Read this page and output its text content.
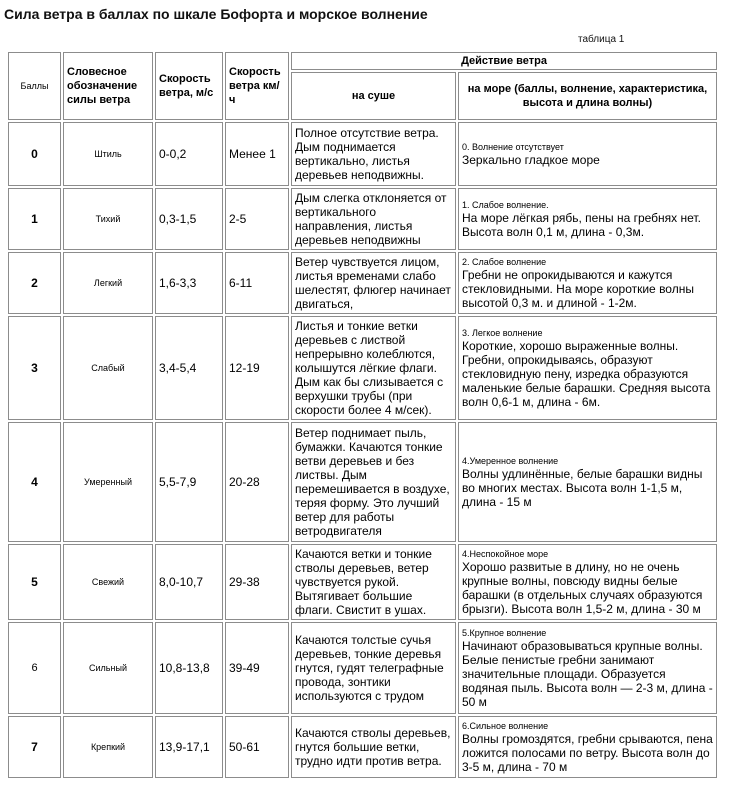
Сила ветра в баллах по шкале Бофорта и морское волнение
таблица 1
Баллы	Словесное обозначение силы ветра	Скорость ветра, м/с	Скорость ветра км/ч	Действие ветра	
				на суше	на море (баллы, волнение, характеристика, высота и длина волны)
0	Штиль	0-0,2	Менее 1	Полное отсутствие ветра. Дым поднимается вертикально, листья деревьев неподвижны.	0. Волнение отсутствует
Зеркально гладкое море

1	Тихий	0,3-1,5	2-5	Дым слегка отклоняется от вертикального направления, листья деревьев неподвижны	1. Слабое волнение.
На море лёгкая рябь, пены на гребнях нет. Высота волн 0,1 м, длина - 0,3м.

2	Легкий	1,6-3,3	6-11	Ветер чувствуется лицом, листья временами слабо шелестят, флюгер начинает двигаться,	2. Слабое волнение
Гребни не опрокидываются и кажутся стекловидными. На море короткие волны высотой 0,3 м. и длиной - 1-2м.

3	Слабый	3,4-5,4	12-19	Листья и тонкие ветки деревьев с листвой непрерывно колеблются, колышутся лёгкие флаги. Дым как бы слизывается с верхушки трубы (при скорости более 4 м/сек).	3. Легкое волнение
Короткие, хорошо выраженные волны. Гребни, опрокидываясь, образуют стекловидную пену, изредка образуются маленькие белые барашки. Средняя высота волн 0,6-1 м, длина - 6м.

4	Умеренный	5,5-7,9	20-28	Ветер поднимает пыль, бумажки. Качаются тонкие ветви деревьев и без листвы. Дым перемешивается в воздухе, теряя форму. Это лучший ветер для работы ветродвигателя	4.Умеренное волнение
Волны удлинённые, белые барашки видны во многих местах. Высота волн 1-1,5 м, длина - 15 м

5	Свежий	8,0-10,7	29-38	Качаются ветки и тонкие стволы деревьев, ветер чувствуется рукой. Вытягивает большие флаги. Свистит в ушах.	4.Неспокойное море
Хорошо развитые в длину, но не очень крупные волны, повсюду видны белые барашки (в отдельных случаях образуются брызги). Высота волн 1,5-2 м, длина - 30 м

6	Сильный	10,8-13,8	39-49	Качаются толстые сучья деревьев, тонкие деревья гнутся, гудят телеграфные провода, зонтики используются с трудом	5.Крупное волнение
Начинают образовываться крупные волны. Белые пенистые гребни занимают значительные площади. Образуется водяная пыль. Высота волн — 2-3 м, длина - 50 м

7	Крепкий	13,9-17,1	50-61	Качаются стволы деревьев, гнутся большие ветки, трудно идти против ветра.	6.Сильное волнение
Волны громоздятся, гребни срываются, пена ложится полосами по ветру. Высота волн до 3-5 м, длина - 70 м
